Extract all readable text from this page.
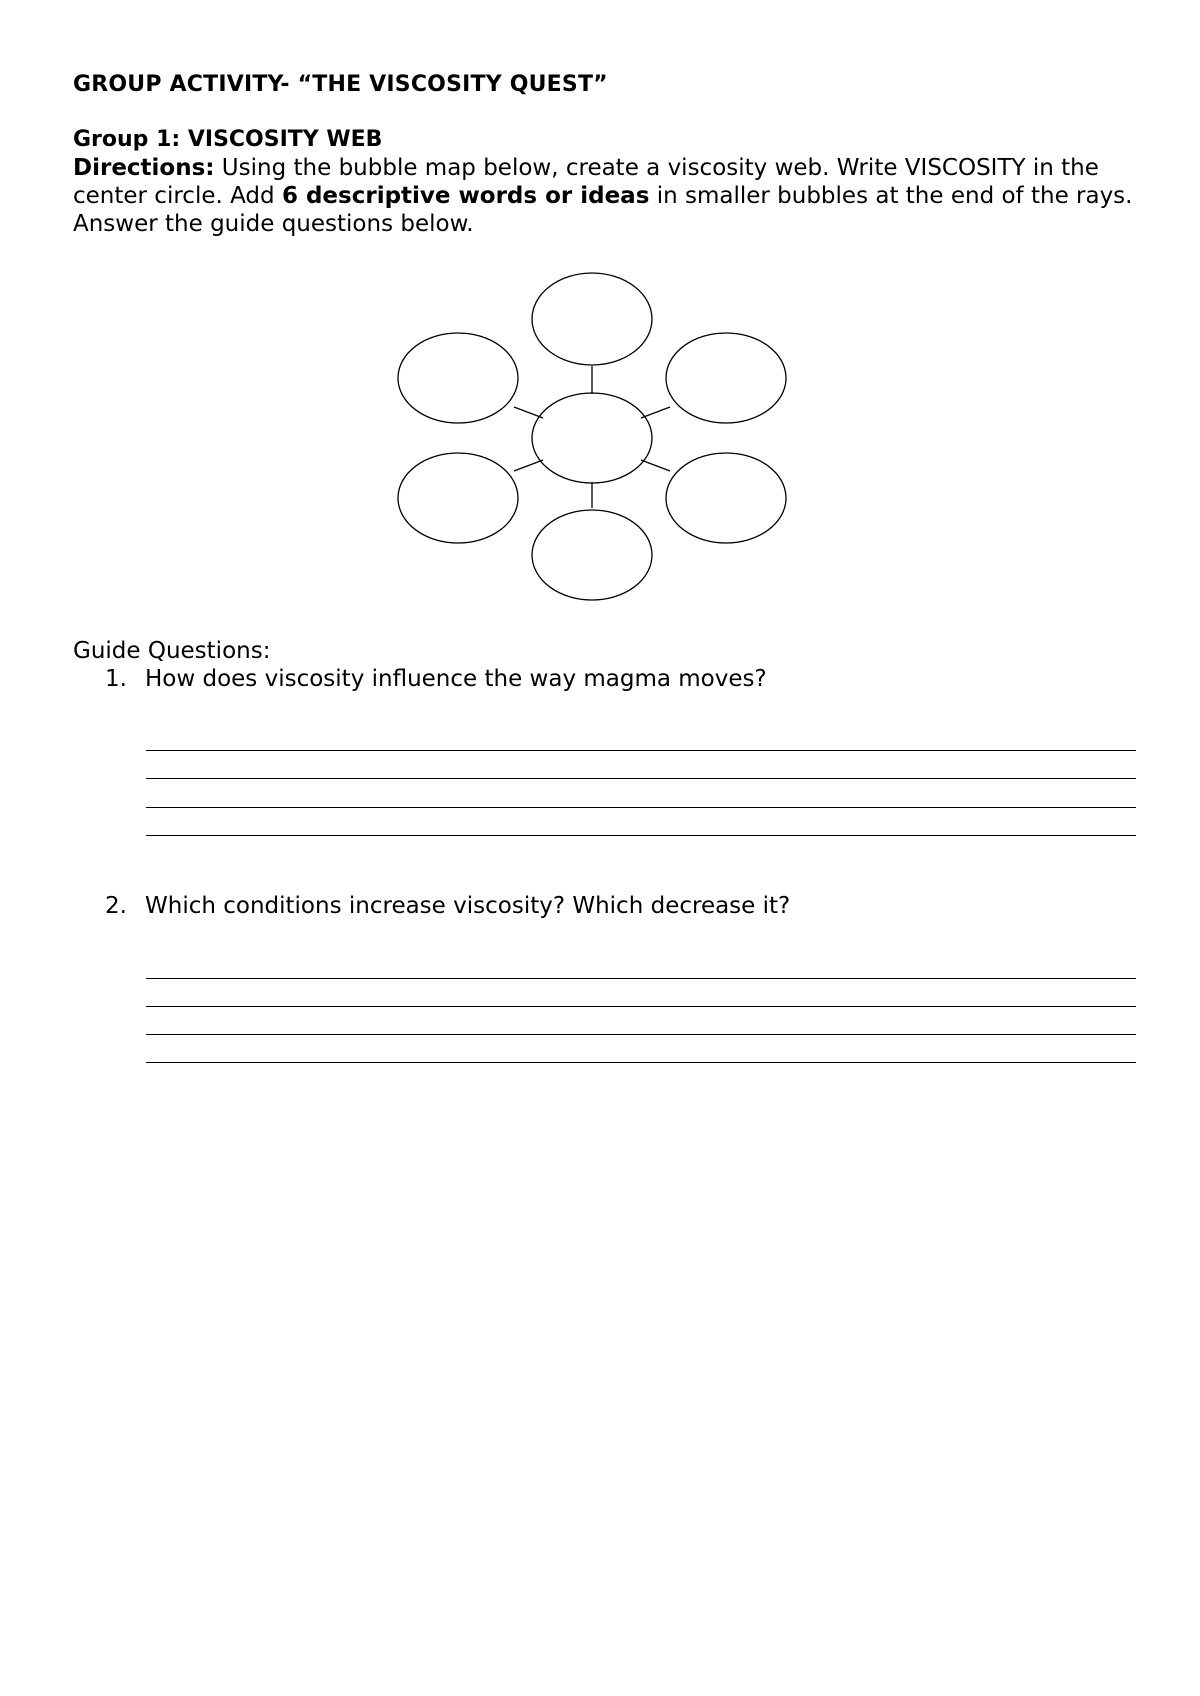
GROUP ACTIVITY- “THE VISCOSITY QUEST”
Group 1: VISCOSITY WEB
Directions: Using the bubble map below, create a viscosity web. Write VISCOSITY in the center circle. Add 6 descriptive words or ideas in smaller bubbles at the end of the rays. Answer the guide questions below.
Guide Questions:
1. How does viscosity influence the way magma moves?
2. Which conditions increase viscosity? Which decrease it?
